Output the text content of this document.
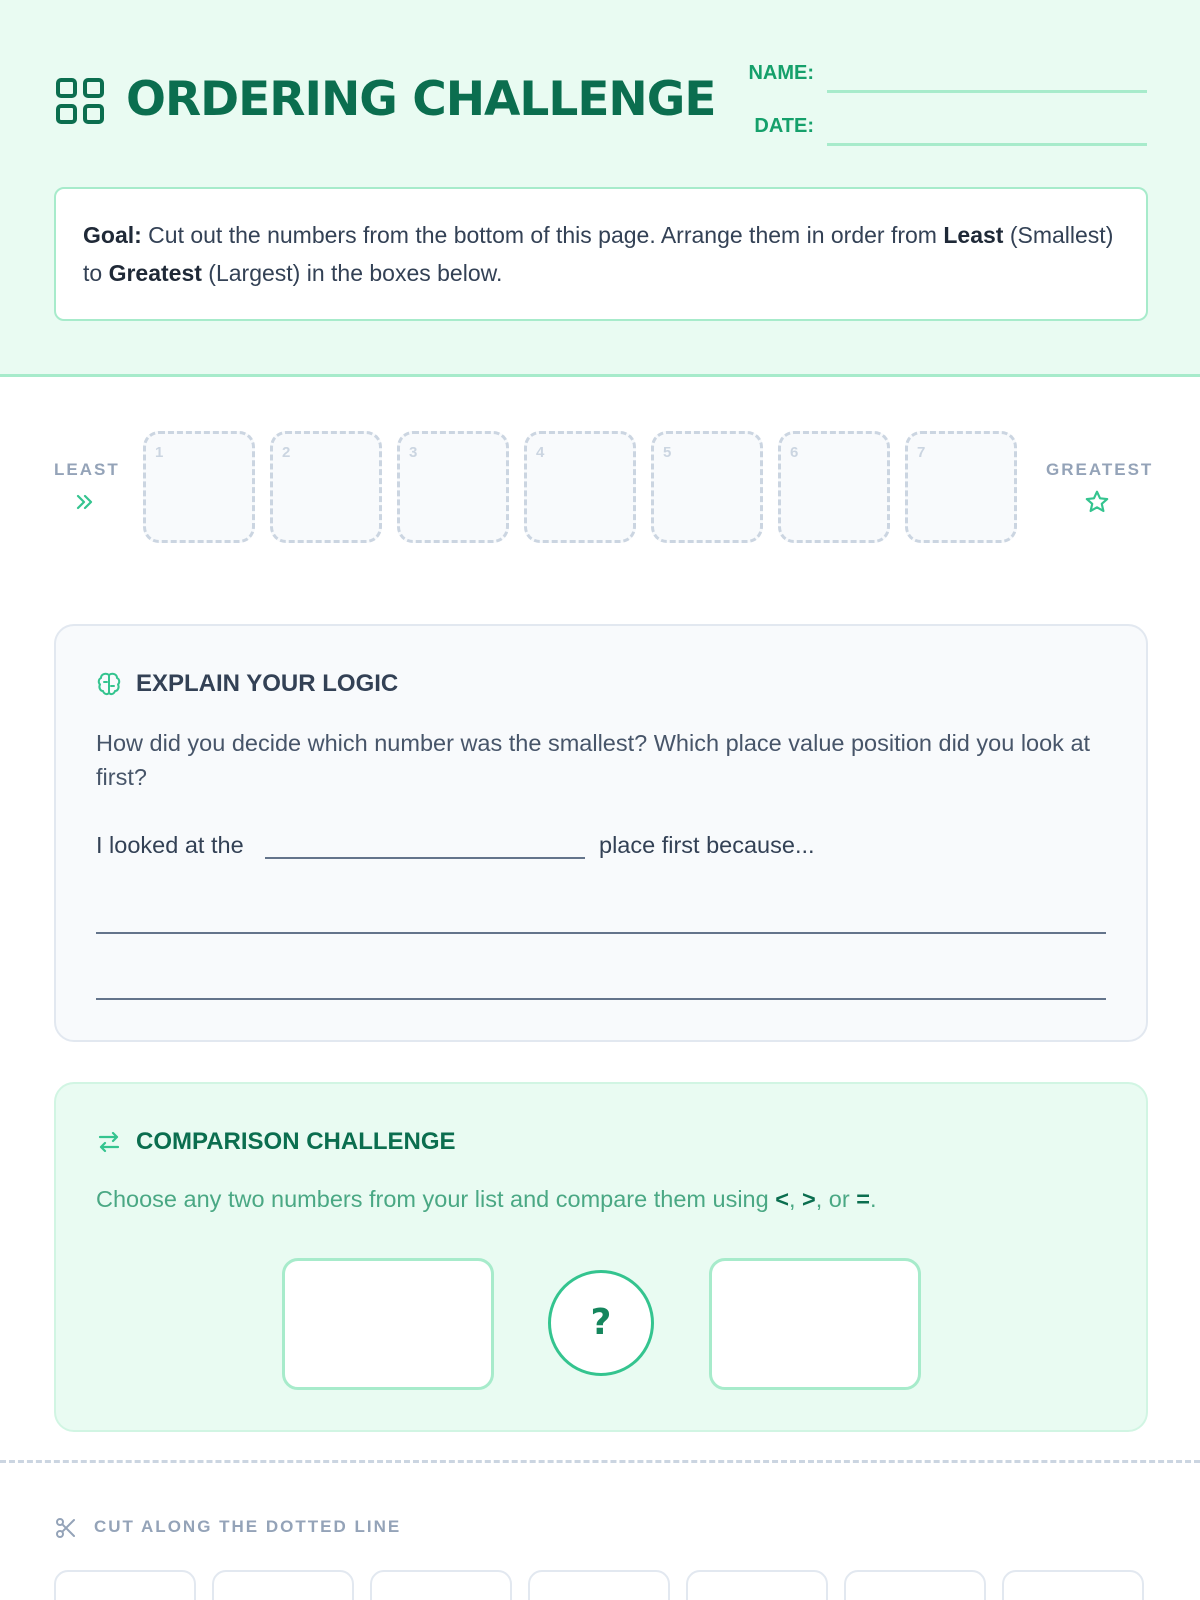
ORDERING CHALLENGE	NAME:
DATE:
Goal: Cut out the numbers from the bottom of this page. Arrange them in order from Least (Smallest) to Greatest (Largest) in the boxes below.
LEAST
1	2	3	4	5	6	7
GREATEST
EXPLAIN YOUR LOGIC
How did you decide which number was the smallest? Which place value position did you look at first?
I looked at the	place first because...
COMPARISON CHALLENGE
Choose any two numbers from your list and compare them using <, >, or =.
?
CUT ALONG THE DOTTED LINE
